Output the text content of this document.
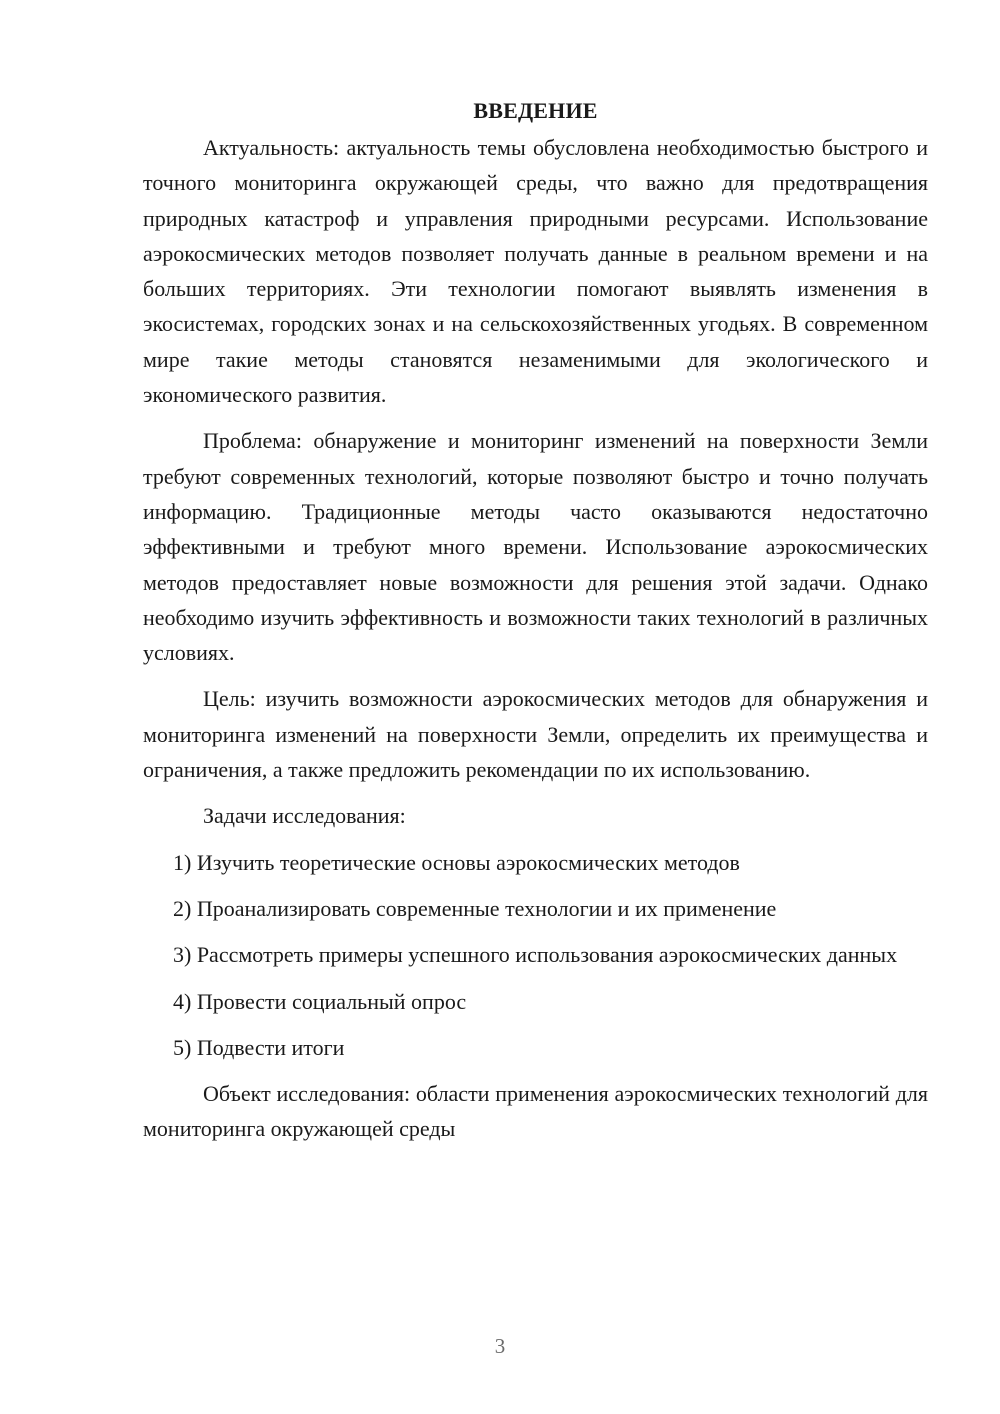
ВВЕДЕНИЕ

Актуальность: актуальность темы обусловлена необходимостью быстрого и точного мониторинга окружающей среды, что важно для предотвращения природных катастроф и управления природными ресурсами. Использование аэрокосмических методов позволяет получать данные в реальном времени и на больших территориях. Эти технологии помогают выявлять изменения в экосистемах, городских зонах и на сельскохозяйственных угодьях. В современном мире такие методы становятся незаменимыми для экологического и экономического развития.

Проблема: обнаружение и мониторинг изменений на поверхности Земли требуют современных технологий, которые позволяют быстро и точно получать информацию. Традиционные методы часто оказываются недостаточно эффективными и требуют много времени. Использование аэрокосмических методов предоставляет новые возможности для решения этой задачи. Однако необходимо изучить эффективность и возможности таких технологий в различных условиях.

Цель: изучить возможности аэрокосмических методов для обнаружения и мониторинга изменений на поверхности Земли, определить их преимущества и ограничения, а также предложить рекомендации по их использованию.

Задачи исследования:

1) Изучить теоретические основы аэрокосмических методов

2) Проанализировать современные технологии и их применение

3) Рассмотреть примеры успешного использования аэрокосмических данных

4) Провести социальный опрос

5) Подвести итоги

Объект исследования: области применения аэрокосмических технологий для мониторинга окружающей среды

3
